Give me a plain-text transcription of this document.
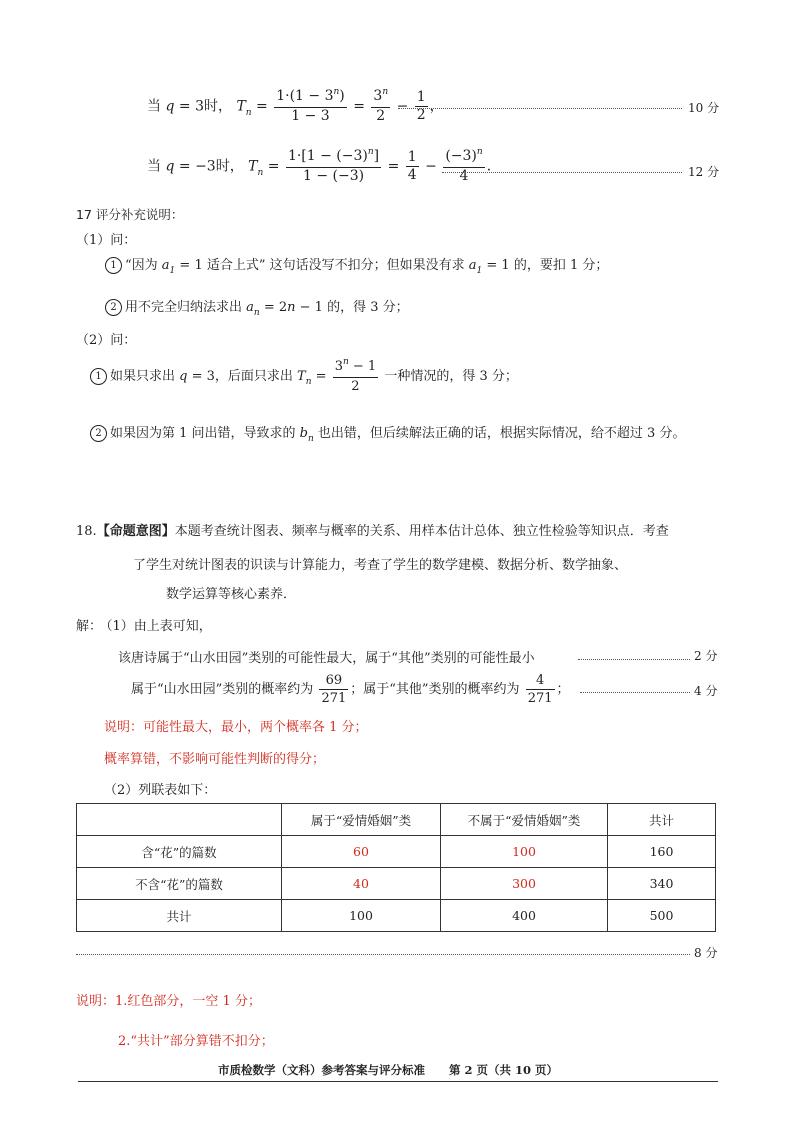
当 q = 3时， $T_n = \frac{1\cdot(1 - 3^n)}{1 - 3} = \frac{3^n}{2} - \frac{1}{2}$ ，	10 分
当 q = −3时， $T_n = \frac{1\cdot[1 - (-3)^n]}{1 - (-3)} = \frac{1}{4} - \frac{(-3)^n}{4}$ ．	12 分
17 评分补充说明：
（1）问：
1 “因为 $a_1 = 1$ 适合上式” 这句话没写不扣分；但如果没有求 $a_1 = 1$ 的，要扣 1 分；
2 用不完全归纳法求出 $a_n = 2n - 1$ 的，得 3 分；
（2）问：
1 如果只求出 q = 3，后面只求出 $T_n = \frac{3^n - 1}{2}$ 一种情况的，得 3 分；
2 如果因为第 1 问出错，导致求的 $b_n$ 也出错，但后续解法正确的话，根据实际情况，给不超过 3 分。
18.【命题意图】本题考查统计图表、频率与概率的关系、用样本估计总体、独立性检验等知识点．考查
了学生对统计图表的识读与计算能力，考查了学生的数学建模、数据分析、数学抽象、
数学运算等核心素养．
解： （1）由上表可知，
该唐诗属于“山水田园”类别的可能性最大，属于“其他”类别的可能性最小	2 分
属于“山水田园”类别的概率约为 $\frac{69}{271}$ ；属于“其他”类别的概率约为 $\frac{4}{271}$ ；	4 分
说明：可能性最大，最小，两个概率各 1 分；
概率算错，不影响可能性判断的得分；
（2）列联表如下：
	属于“爱情婚姻”类	不属于“爱情婚姻”类	共计
含“花”的篇数	60	100	160
不含“花”的篇数	40	300	340
共计	100	400	500
8 分
说明：1.红色部分，一空 1 分；
2.“共计”部分算错不扣分；
市质检数学（文科）参考答案与评分标准 第 2 页（共 10 页）
